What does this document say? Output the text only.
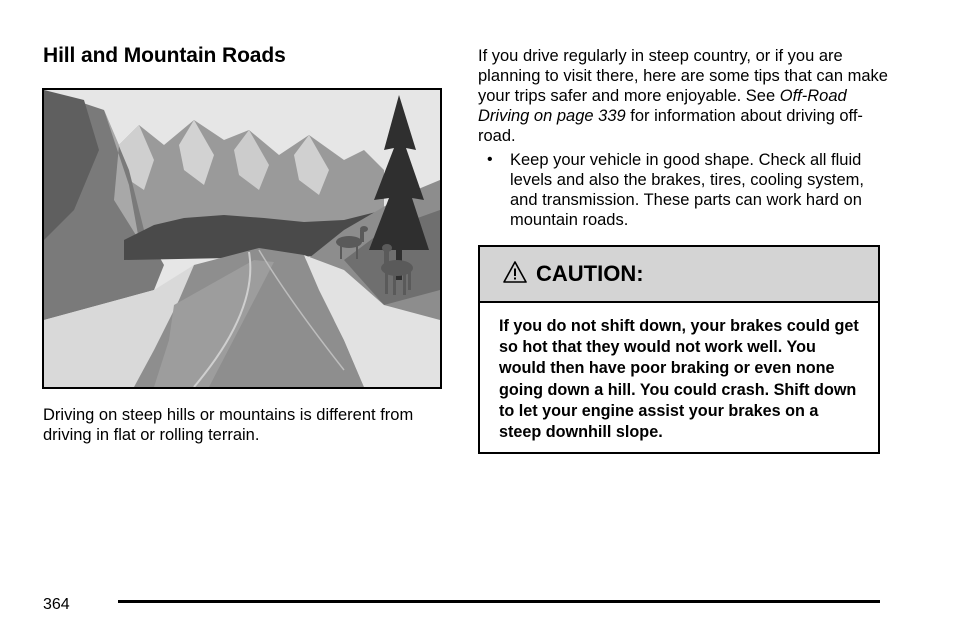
Hill and Mountain Roads

Driving on steep hills or mountains is different from driving in flat or rolling terrain.

If you drive regularly in steep country, or if you are planning to visit there, here are some tips that can make your trips safer and more enjoyable. See Off-Road Driving on page 339 for information about driving off-road.

• Keep your vehicle in good shape. Check all fluid levels and also the brakes, tires, cooling system, and transmission. These parts can work hard on mountain roads.
CAUTION:

If you do not shift down, your brakes could get so hot that they would not work well. You would then have poor braking or even none going down a hill. You could crash. Shift down to let your engine assist your brakes on a steep downhill slope.

364
